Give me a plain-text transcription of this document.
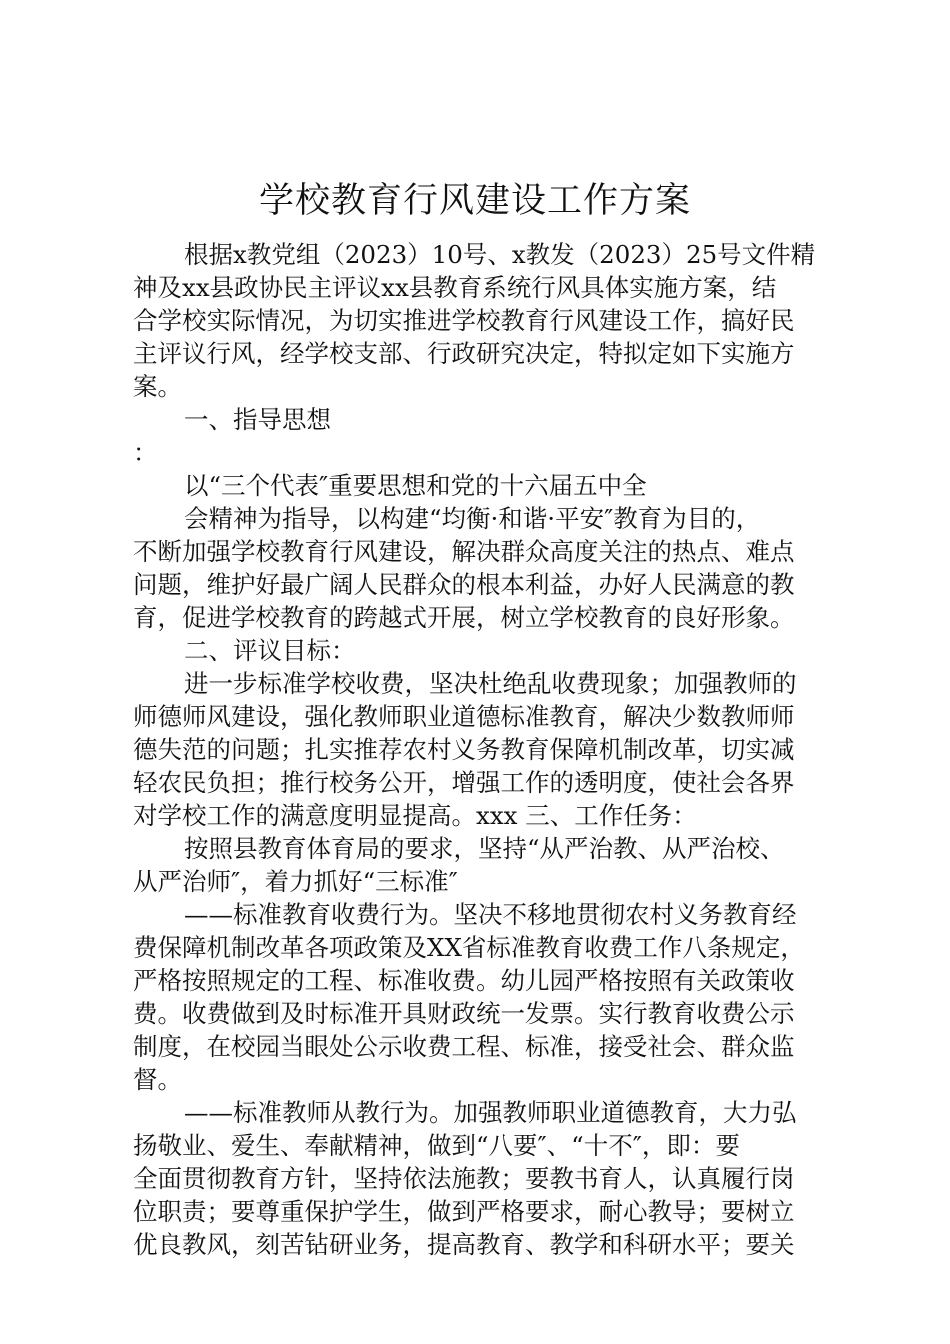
学校教育行风建设工作方案

根据x教党组（2023）10号、x教发（2023）25号文件精

神及xx县政协民主评议xx县教育系统行风具体实施方案，结

合学校实际情况，为切实推进学校教育行风建设工作，搞好民

主评议行风，经学校支部、行政研究决定，特拟定如下实施方

案。

一、指导思想

：

以“三个代表″重要思想和党的十六届五中全

会精神为指导，以构建“均衡·和谐·平安″教育为目的，

不断加强学校教育行风建设，解决群众高度关注的热点、难点

问题，维护好最广阔人民群众的根本利益，办好人民满意的教

育，促进学校教育的跨越式开展，树立学校教育的良好形象。

二、评议目标：

进一步标准学校收费，坚决杜绝乱收费现象；加强教师的

师德师风建设，强化教师职业道德标准教育，解决少数教师师

德失范的问题；扎实推荐农村义务教育保障机制改革，切实减

轻农民负担；推行校务公开，增强工作的透明度，使社会各界

对学校工作的满意度明显提高。xxx 三、工作任务：

按照县教育体育局的要求，坚持“从严治教、从严治校、

从严治师″，着力抓好“三标准″

——标准教育收费行为。坚决不移地贯彻农村义务教育经

费保障机制改革各项政策及XX省标准教育收费工作八条规定，

严格按照规定的工程、标准收费。幼儿园严格按照有关政策收

费。收费做到及时标准开具财政统一发票。实行教育收费公示

制度，在校园当眼处公示收费工程、标准，接受社会、群众监

督。

——标准教师从教行为。加强教师职业道德教育，大力弘

扬敬业、爱生、奉献精神，做到“八要″、“十不″，即：要

全面贯彻教育方针，坚持依法施教；要教书育人，认真履行岗

位职责；要尊重保护学生，做到严格要求，耐心教导；要树立

优良教风，刻苦钻研业务，提高教育、教学和科研水平；要关
